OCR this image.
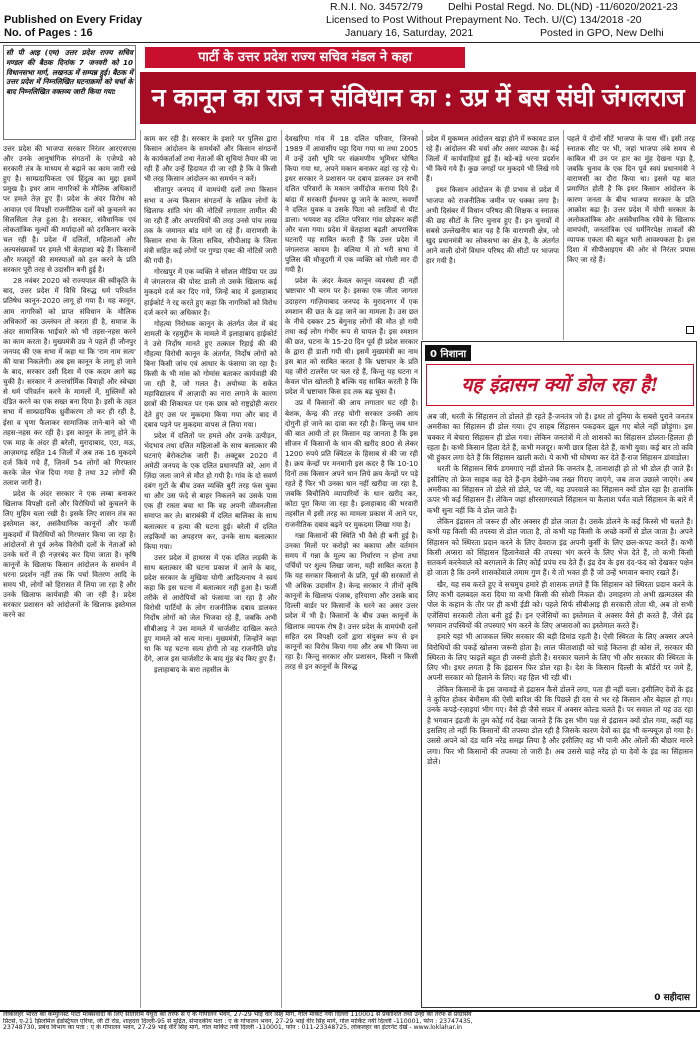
Published on Every Friday
No. of Pages : 16
R.N.I. No. 34572/79 Delhi Postal Regd. No. DL(ND) -11/6020/2021-23
Licensed to Post Without Prepayment No. Tech. U/(C) 134/2018 -20
January 16, Saturday, 2021	Posted in GPO, New Delhi
सी पी आइ (एम) उत्तर प्रदेश राज्य सचिव मण्डल की बैठक दिनांक 7 जनवरी को 10 विधानसभा मार्ग, लखनऊ में सम्पन्न हुई। बैठक में उत्तर प्रदेश में निम्नलिखित घटनाक्रमों को चर्चा के बाद निम्नलिखित वक्तव्य जारी किया गया:
पार्टी के उत्तर प्रदेश राज्य सचिव मंडल ने कहा
न कानून का राज न संविधान का : उप्र में बस संघी जंगलराज

उत्तर प्रदेश की भाजपा सरकार निरंतर आरएसएस और उनके आनुषांगिक संगठनों के एजेण्डे को सरकारी तंत्र के माध्यम से बढ़ाने का काम जारी रखे हुए है। साम्प्रदायिकता एवं हिंदुत्व का मुद्दा इसमें प्रमुख है। इधर आम नागरिकों के मौलिक अधिकारों पर हमले तेज़ हुए हैं। प्रदेश के अंदर विरोध को आवाज़ एवं विपक्षी राजनीतिक दलों को कुचलने का सिलसिला तेज़ हुआ है। सरकार, संवैधानिक एवं लोकतांत्रिक मूल्यों की मर्यादाओं को दरकिनार करके चल रही है। प्रदेश में दलितों, महिलाओं और अल्पसंख्यकों पर हमले भी बेतहाशा बढ़े हैं। किसानों और मजदूरों की समस्याओं को हल करने के प्रति सरकार पूरी तरह से उदासीन बनी हुई है।

28 नवंबर 2020 को राज्यपाल की स्वीकृति के बाद, उत्तर प्रदेश में विधि विरुद्ध धर्म परिवर्तन प्रतिषेध कानून-2020 लागू हो गया है। यह कानून, आम नागरिकों को प्राप्त संविधान के मौलिक अधिकारों का उल्लंघन तो करता ही है, समाज के अंदर सामाजिक भाईचारे को भी तहस-नहस करने का काम करता है। मुख्यमंत्री उप्र ने पहले ही जौनपुर जनपद की एक सभा में कहा था कि 'राम नाम सत्य' की यात्रा निकलेगी। अब इस कानून के लागू हो जाने के बाद, सरकार उसी दिशा में एक कदम आगे बढ़ चुकी है। सरकार ने अन्तर्धार्मिक विवाहों और स्वेच्छा से धर्म परिवर्तन करने के मामलों में, मुस्लिमों को दंडित करने का एक सख्त बना दिया है। इसी के तहत सभा में साम्प्रदायिक ध्रुवीकरण तो कर ही रही है, ईसा व घृणा फैलाकर सामाजिक ताने-बाने को भी तहस-नहस कर रही है। इस कानून के लागू होने के एक माह के अंदर ही बरेली, मुरादाबाद, एटा, मऊ, आज़मगढ़ सहित 14 जिलों में अब तक 16 मुकदमे दर्ज किये गये हैं, जिनमें 54 लोगों को गिरफ्तार करके जेल भेज दिया गया है तथा 32 लोगों की तलाश जारी है।

प्रदेश के अंदर सरकार ने एक लम्बा बनाकर खिलाफ विपक्षी दलों और विरोधियों को कुचलने के लिए मुहिम चला रखी है। इसके लिए शासन तंत्र का इस्तेमाल कर, असंवैधानिक कानूनों और फर्जी मुकदमों में विरोधियों को गिरफ्तार किया जा रहा है। आंदोलनों से पूर्व अनेक विरोधी दलों के नेताओं को उनके घरों में ही नज़रबंद कर दिया जाता है। कृषि कानूनों के खिलाफ किसान आंदोलन के समर्थन में धरना प्रदर्शन नहीं तक कि पर्चा वितरण आदि के समय भी, लोगों को हिरासत में लिया जा रहा है और उनके खिलाफ कार्यवाही की जा रही है। प्रदेश सरकार प्रशासन को आंदोलनों के खिलाफ इस्तेमाल करने का

काम कर रही है। सरकार के इशारे पर पुलिस द्वारा किसान आंदोलन के समर्थकों और किसान संगठनों के कार्यकर्ताओं तथा नेताओं की सूचियां तैयार की जा रही हैं और उन्हें हिदायत दी जा रही है कि वे किसी भी तरह किसान आंदोलन का समर्थन न करें।

सीतापुर जनपद में वामपंथी दलों तथा किसान सभा व अन्य किसान संगठनों के सक्रिय लोगों के खिलाफ शांति भंग की नोटिसें लगातार तामील की जा रही हैं और अपराधियों की तरह उनसे पांच लाख तक के जमानत बांड मांगे जा रहे हैं। वाराणसी के किसान सभा के जिला सचिव, सीपीआइ के जिला मंत्री सहित कई लोगों पर गुण्डा एक्ट की नोटिसें जारी की गयी हैं।

गोरखपुर में एक व्यक्ति ने सोशल मीडिया पर उप्र में जंगलराज की पोस्ट डाली तो उसके खिलाफ कई मुकदमे दर्ज कर दिए गये, जिन्हें बाद में इलाहाबाद हाईकोर्ट ने रद्द करते हुए कहा कि नागरिकों को विरोध दर्ज करने का अधिकार है।

गोहत्या निरोधक कानून के अंतर्गत जेल में बंद शामली के रहमुद्दीन के मामले में इलाहाबाद हाईकोर्ट ने उसे निर्दोष मानते हुए तत्काल रिहाई की की गौहत्या विरोधी कानून के अंतर्गत, निर्दोष लोगों को बिना किसी जांच एवं आधार के फंसाया जा रहा है। किसी के भी मांस को गोमांस बताकर कार्यवाही की जा रही है, जो गलत है। अयोध्या के सकेत महाविद्यालय में आज़ादी का नारा लगाने के कारण छात्रों की शिकायत पर एक छात्र को राष्ट्रद्रोही करार देते हुए उस पर मुकदमा किया गया और बाद में दबाव पड़ने पर मुकदमा वापस ले लिया गया।

प्रदेश में दलितों पर हमले और उनके उत्पीड़न, भेदभाव तथा दलित महिलाओं के साथ बलात्कार की घटनाएं बेरोकटोक जारी हैं। अक्टूबर 2020 में अमेठी जनपद के एक दलित प्रधानपति को, आग में ज़िंदा जला जाने से मौत हो गयी है। गांव के दो सवर्ण दबंग गुटों के बीच उक्त व्यक्ति बुरी तरह फंस चुका था और उस फंदे से बाहर निकलने का उसके पास एक ही रास्ता बचा था कि वह अपनी जीवनलीला समाप्त कर ले। बाराबंकी में दलित बालिका के साथ बलात्कार व हत्या की घटना हुई। बरेली में दलित लड़कियों का अपहरण कर, उनके साथ बलात्कार किया गया।

उत्तर प्रदेश में हाथरस में एक दलित लड़की के साथ बलात्कार की घटना प्रकाश में आने के बाद, प्रदेश सरकार के मुखिया योगी आदित्यनाथ ने स्वयं कहा कि इस घटना में बलात्कार नहीं हुआ है। फर्जी तरीके से आरोपियों को फंसाया जा रहा है और विरोधी पार्टियों के लोग राजनीतिक दबाव डालकर निर्दोष लोगों को जेल भिजवा रहे हैं, जबकि अभी सीबीआइ ने उस मामले में चार्जशीट दाखिल करते हुए मामले को सत्य माना। मुख्यमंत्री, जिन्होंने कहा था कि यह घटना सत्य होगी तो वह राजनीति छोड़ देंगे, आज इस चार्जशीट के बाद मुंह बंद किए हुए हैं।

इलाहाबाद के बारा तहसील के

देवखरिया गांव में 18 दलित परिवार, जिनको 1989 में आवासीय पट्टा दिया गया था तथा 2005 में उन्हें उसी भूमि पर संक्रमणीय भूमिधर घोषित किया गया था, अपने मकान बनाकर वहां रह रहे थे। इधर सरकार ने प्रशासन पर दबाव डालकर उन सभी दलित परिवारों के मकान जमींदोज कराया दिये हैं। बांदा में सरकारी ईंधनघर छू जाने के कारण, सवर्णों ने दलित युवक व उसके पिता को लाठियों से पीट डाला। भयवश वह दलित परिवार गांव छोड़कर कहीं और चला गया। प्रदेश में बेतहाशा बढ़ती आपराधिक घटनाएँ यह साबित करती हैं कि उत्तर प्रदेश में जंगलराज कायम है। बलिया में तो भरी सभा में पुलिस की मौजूदगी में एक व्यक्ति को गोली मार दी गयी है।

प्रदेश के अंदर केवल कानून व्यवस्था ही नहीं भ्रष्टाचार भी चरम पर है। इसका एक जीता जागता उदाहरण गाज़ियाबाद जनपद के मुरादनगर में एक श्मशान की छत के ढह जाने का मामला है। उस छत के नीचे दबकर 25 बेगुनाह लोगों की मौत हो गयी तथा कई लोग गंभीर रूप से घायल हैं। इस श्मशान की छत, घटना के 15-20 दिन पूर्व ही प्रदेश सरकार के द्वारा ही डाली गयी थी। इसमें मुख्यमंत्री का नाम इस बात को साबित करता है कि भ्रष्टाचार के प्रति यह जीरो टालरेंस पर चल रहे हैं, किन्तु यह घटना न केवल पोल खोलती है बल्कि यह साबित करती है कि प्रदेश में भ्रष्टाचार किस हद तक बढ़ चुका है।

उप्र में किसानों की आय लगातार घट रही है। बेशक, केन्द्र की तरह योगी सरकार उनकी आय दोगुनी हो जाने का दावा कर रही है। किन्तु जब धान की बात आयी तो हर किसान यह जानता है कि इस सीजन में किसानों के धान की खरीद 800 से लेकर 1200 रुपये प्रति क्विंटल के हिसाब से की जा रही है। क्रय केन्द्रों पर मनमानी इस कदर है कि 10-10 दिनों तक किसान अपने धान लिये क्रय केन्द्रों पर पड़े रहते हैं फिर भी उनका धान नहीं खरीदा जा रहा है, जबकि बिचौलिये व्यापारियों के धान खरीद कर, कोटा पूरा किया जा रहा है। इलाहाबाद की भरवारी तहसील में इसी तरह का मामला प्रकाश में आने पर, राजनीतिक दबाव बढ़ने पर मुकदमा लिखा गया है।

गन्ना किसानों की स्थिति भी वैसे ही बनी हुई है। उनका मिलों पर करोड़ों का बकाया और वर्तमान समय में गन्ना के मूल्य का निर्धारण न होना तथा पर्चियों पर शुल्य लिखा जाना, यही साबित करता है कि यह सरकार किसानों के प्रति, पूर्व की सरकारों से भी अधिक उदासीन है। केन्द्र सरकार ने तीनों कृषि कानूनों के खिलाफ पंजाब, हरियाणा और उसके बाद दिल्ली बार्डर पर किसानों के धरने का असर उत्तर प्रदेश में भी है। किसानों के बीच उक्त कानूनों के खिलाफ व्यापक रोष है। उत्तर प्रदेश के वामपंथी दलों सहित दस विपक्षी दलों द्वारा संयुक्त रूप से इन कानूनों का विरोध किया गया और अब भी किया जा रहा है। किन्तु सरकार और प्रशासन, किसी न किसी तरह से इन कानूनों के विरुद्ध

प्रदेश में मुकम्मल आंदोलन खड़ा होने में रुकावट डाल रहे हैं। आंदोलन की चर्चा और असर व्यापक है। कई जिलों में कार्यवाहियां हुई हैं। बड़े-बड़े धरना प्रदर्शन भी किये गये हैं। कुछ जगहों पर मुकदमे भी लिखे गये हैं।

इधर किसान आंदोलन के ही प्रभाव से प्रदेश में भाजपा को राजनीतिक जमीन पर धक्का लगा है। अभी दिसंबर में विधान परिषद की शिक्षक व स्नातक की छह सीटों के लिए चुनाव हुए हैं। इन चुनावों में सबसे उल्लेखनीय बात यह है कि वाराणसी क्षेत्र, जो खुद प्रधानमंत्री का लोकसभा का क्षेत्र है, के अंतर्गत आने वाली दोनों विधान परिषद की सीटों पर भाजपा हार गयी है।

पहले ये दोनों सीटें भाजपा के पास थीं। इसी तरह स्नातक सीट पर भी, जहां भाजपा लंबे समय से काबिज थी उन पर हार का मुंह देखना पड़ा है, जबकि चुनाव के एक दिन पूर्व स्वयं प्रधानमंत्री ने वाराणसी का दौरा किया था। इससे यह बात प्रमाणित होती है कि इधर किसान आंदोलन के कारण जनता के बीच भाजपा सरकार के प्रति आक्रोश बढ़ा है। उत्तर प्रदेश में योगी सरकार के अलोकतांत्रिक और असंवैधानिक रवैये के खिलाफ वामपंथी, जनतांत्रिक एवं धर्मनिरपेक्ष ताकतों की व्यापक एकता की बहुत भारी आवश्यकता है। इस दिशा में सीपीआइएम की ओर से निरंतर प्रयास किए जा रहे हैं।

0 निशाना
यह इंद्रासन क्यों डोल रहा है!

अब जी, धरती के सिंहासन तो डोलते ही रहते हैं-जनतंत्र जो है। इधर तो दुनिया के सबसे पुराने जनतंत्र अमरीका का सिंहासन ही डोल गया। ट्रंप साहब सिंहासन पकड़कर झूल गए बोले नहीं छोड़ूंगा। इस चक्कर में बेचारा सिंहासन ही डोल गया। लेकिन जनतंत्रों में तो शासकों का सिंहासन डोलता-हिलता ही रहता है। कभी किसान हिला देते हैं, कभी मजदूर। कभी छात्र हिला देते हैं, कभी युवा। कई बार तो कवि भी हुंकार लगा देते हैं कि सिंहासन खाली करो। ये कभी भी घोषणा कर देते हैं-राज सिंहासन डांवाडोल!

धरती के सिंहासन सिर्फ डगमगाएं नहीं डोलते कि जनतंत्र है, तानाशाही हो तो भी डोल ही जाते हैं। इसीलिए तो फ्रेज साहब कह देते हैं-हम देखेंगे-जब तख्त गिराए जाएंगे, जब ताज उछाले जाएंगे। अब अमरीका का सिंहासन तो डोले सो डोले, पर जी, यह उपरवाले का सिंहासन क्यों डोल रहा है! हालांकि ऊपर भी कई सिंहासन हैं। लेकिन जहां क्षीरसागरवाले सिंहासन या कैलाश पर्वत वाले सिंहासन के बारे में कभी सुना नहीं कि वे डोल जाते हैं।

लेकिन इंद्रासन तो जरूर ही और अक्सर ही डोल जाता है। उसके डोलने के कई किस्से भी चलते हैं। कभी यह किसी की तपस्या से डोल जाता है, तो कभी यह किसी के अच्छे कर्मों से डोल जाता है। अपने सिंहासन को स्थिरता प्रदान करने के लिए देवराज इंद्र अपनी कुर्सी के लिए छल-कपट करते हैं। कभी किसी अप्सरा को सिंहासन हिलानेवाले की तपस्या भंग करने के लिए भेज देते हैं, तो कभी किसी सतकर्म करनेवाले को बरगलाने के लिए कोई प्रपंच रच देते हैं। इंद्र देव के इस दंद-फंद को देखकर पक्षेन हो जाता है कि उनमें शासकोंवाले तमाम गुण हैं। ये तो भक्त ही हैं जो उन्हें भगवान बनाए रखते हैं।

खैर, यह सब करते हुए वे सचमुच हमारे ही शासक लगते हैं कि सिंहासन को स्थिरता प्रदान करने के लिए कभी दलबदल करा दिया या कभी किसी की सोशी निकल दी। उमाहरण तो अभी ख़त्मउस्ल की पोल के कहान के तौर पर ही कभी ईडी को। पहले सिर्फ सीबीआइ ही सरकारी तोता थी, अब तो सभी एजेंसियां सरकारी तोता बनी हुई हैं। इन एजेंसियों का इस्तेमाल वे अक्सर वैसे ही करते हैं, जैसे इंद्र भगवान तपस्वियों की तपस्याएं भंग करने के लिए अप्सराओं का इस्तेमाल करते हैं।

हमारे यहां भी आजकल स्थिर सरकार की बड़ी डिमांड रहती है। ऐसी स्थिरता के लिए अक्सर अपने विरोधियों की पकड़ें खोलना जरूरी होता है। लाल फीताशाही को चाहे कितना ही कोस लें, सरकार की स्थिरता के लिए फाइलें बहुत ही जरूरी होती हैं। सरकार चलाने के लिए भी और सरकार की स्थिरता के लिए भी। इधर लगता है कि इंद्रासन फिर डोल रहा है। देश के किसान दिल्ली के बॉर्डरों पर जमे हैं, अपनी सरकार को हिलाने के लिए। वह हिल भी रही थी।

लेकिन किसानों के इस जमावड़े से इंद्रासन कैसे डोलने लगा, पता ही नहीं चला। इसीलिए देवों के इंद्र ने कुपित होकर बेमौसम की ऐसी बारिश की कि पिछले ही दस से भर रहे किसान और बेहाल हो गए। उनके कपड़े-रज़ाइयां भीग गए। वैसे ही जैसे सफ़र में अक्सर कोल्ड चलते हैं। पर सवाल तो यह उठ रहा है भगवान इंद्रजी के तुम कोई गर्द देखा जानते हैं कि इस भीग पक्ष से इंद्रासन क्यों डोल गया, कहीं यह इसलिए तो नहीं कि किसानों की तपस्या डोल रही है जिसके कारण देवों का इंद्र भी कन्फ्यूज हो गया है। उससे अपने को दंड यानि नरेंद्र समझ लिया है और इसीलिए वह भी पानी और ओलों की बौछार मारने लगा। फिर भी किसानों की तपस्या तो जारी है। अब उससे चाहे नरेंद्र हो या देवों के इंद्र का सिंहासन डोले।

0 सहीदास
लोकलहर भारत की कम्युनिस्ट पार्टी मार्क्सवादी के लिए सीताराम येचुरी की तरफ से ए के गोपालन भवन, 27-29 भाई वीर सिंह मार्ग, गोल मार्केट नयी दिल्ली 110001 से प्रकाशित तथा उन्हीं की तरफ से प्रोग्रेसिव
प्रिंटर्स, ए-21 झिलमिल इंडस्ट्रियल एरिया, जी टी रोड, शाहदरा दिल्ली-95 से मुद्रित, संपादकीय पता : ए के गोपालन भवन, 27-29 भाई वीर सिंह मार्ग, गोल मार्किट नयी दिल्ली -110001, फोन : 23747435,
23748730, प्रबंध विभाग का पता : ए के गोपालन भवन, 27-29 भाई वीर सिंह मार्ग, गोल मार्किट नयी दिल्ली -110001, फोन : 011-23348725, लोकलहर का इंटरनेट देखें - www.loklahar.in
